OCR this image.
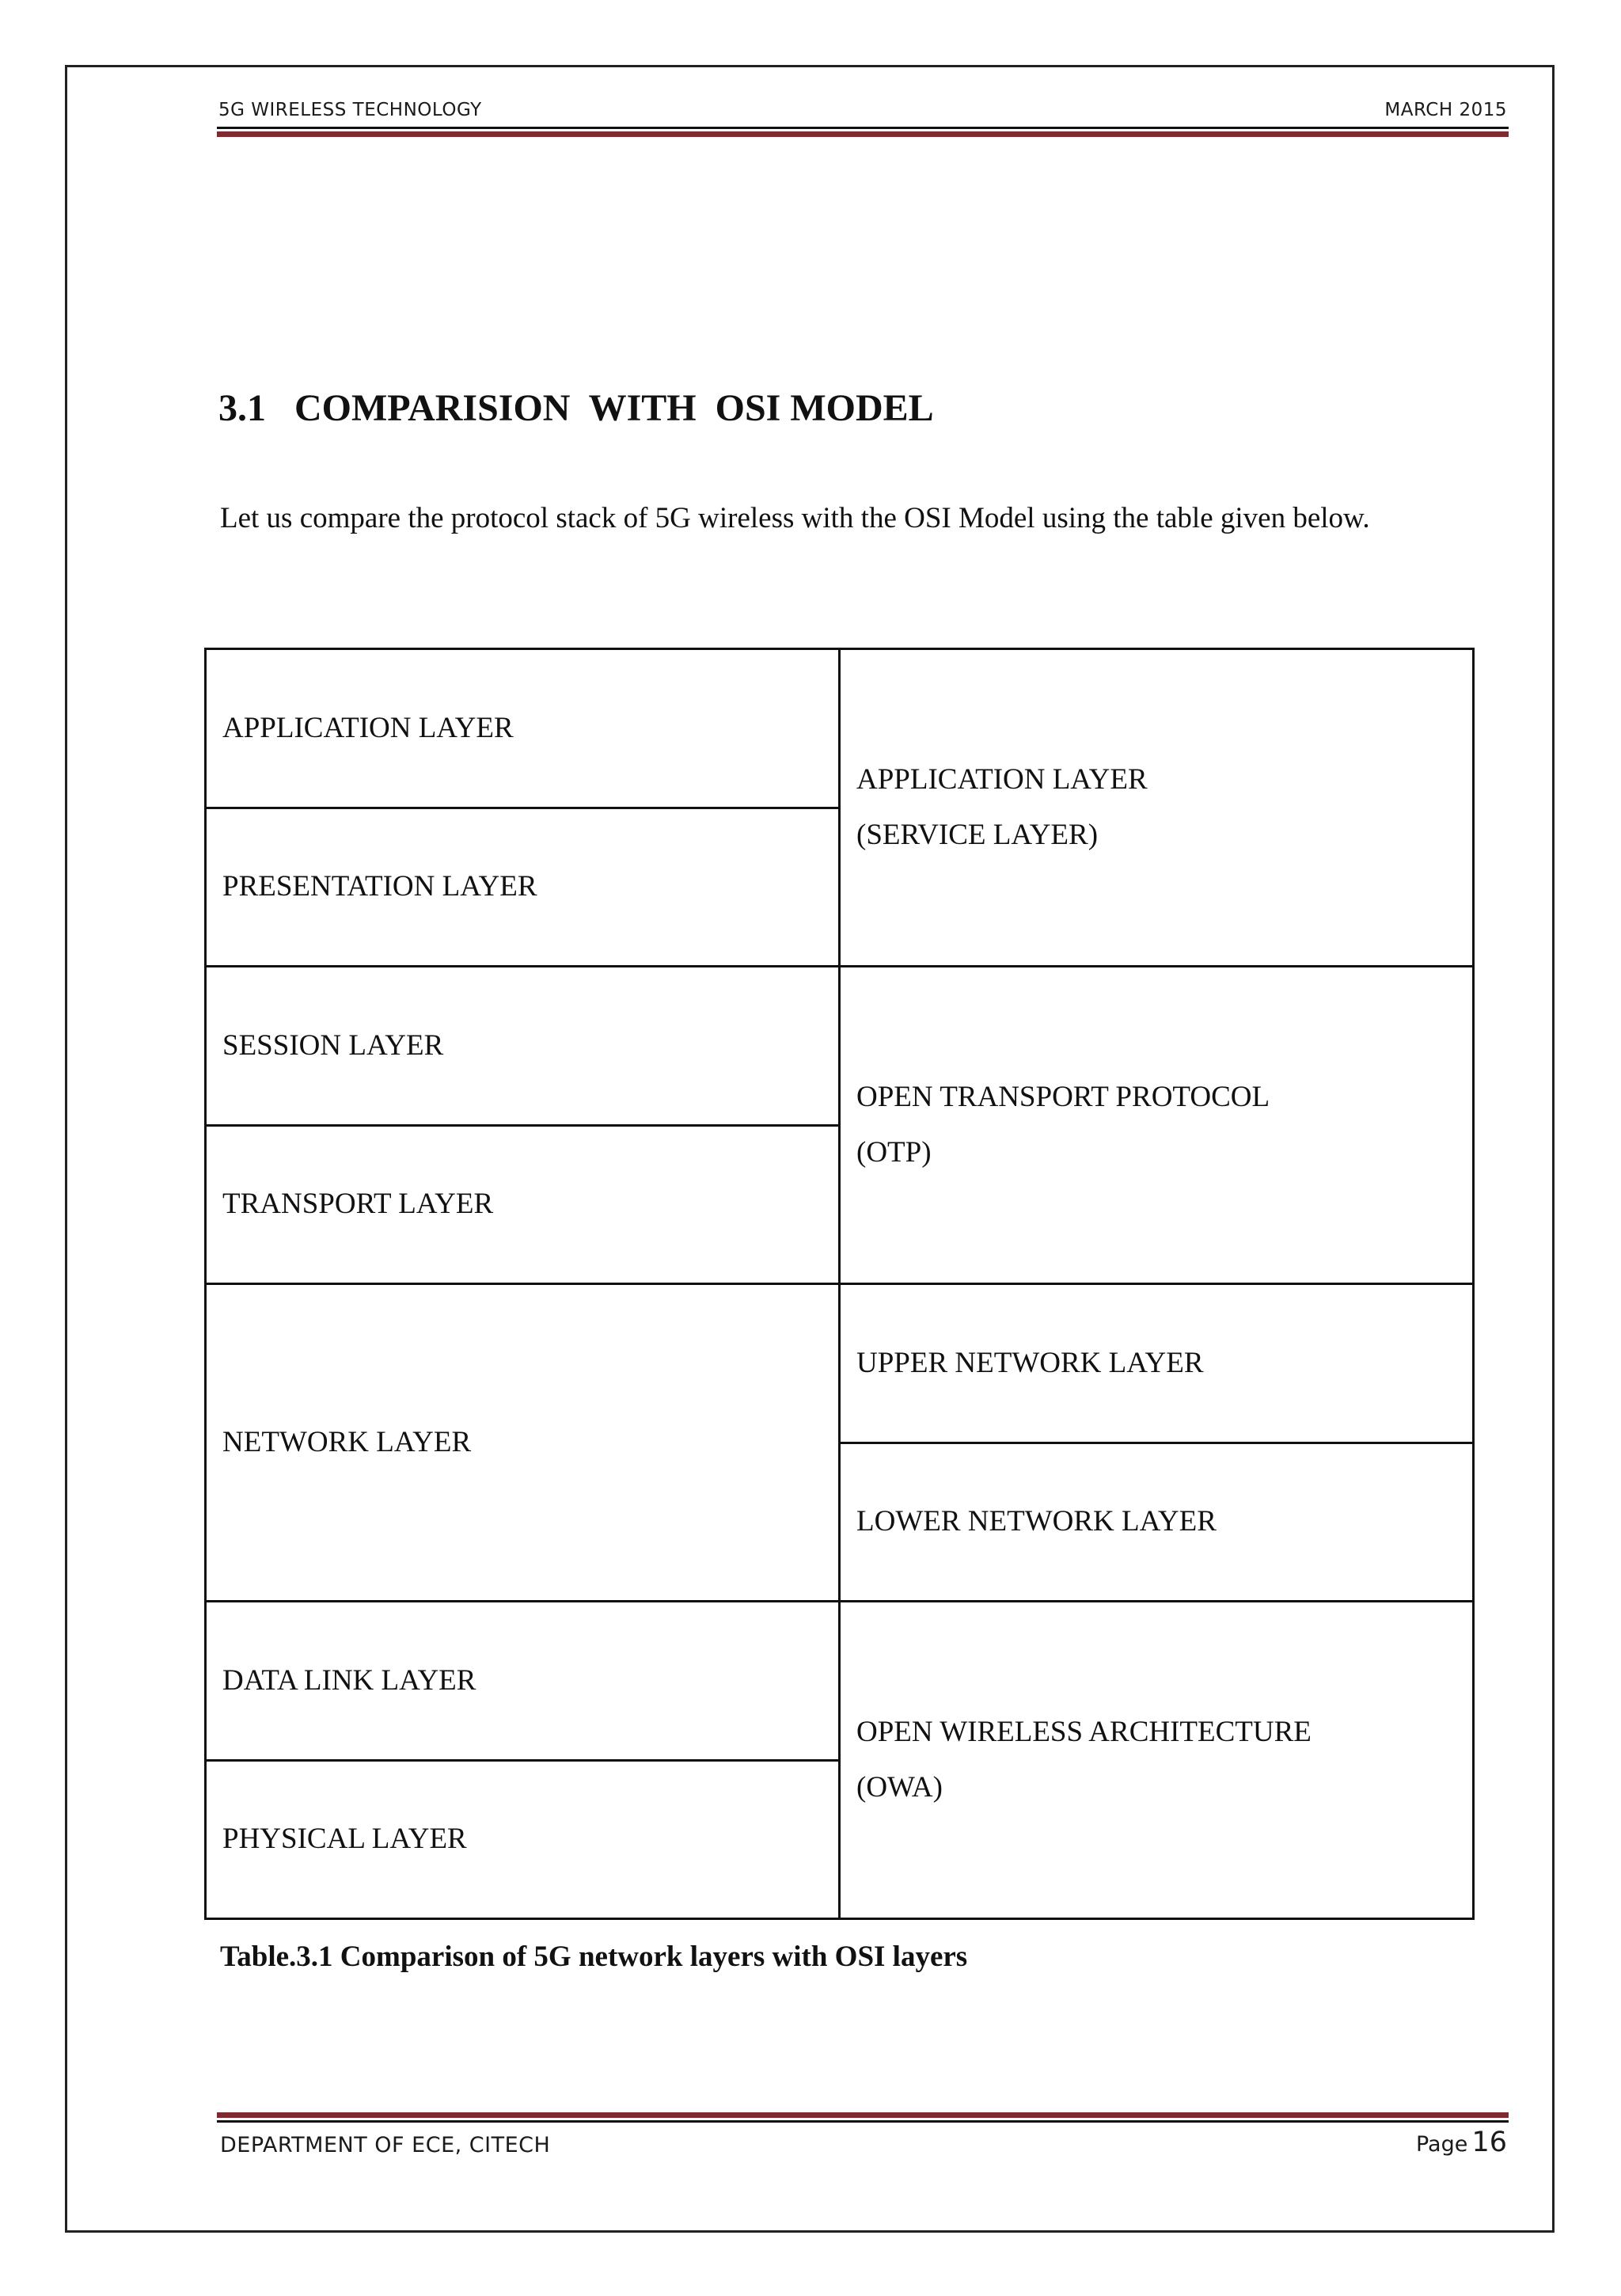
5G WIRELESS TECHNOLOGY	MARCH 2015
3.1   COMPARISION  WITH  OSI MODEL
Let us compare the protocol stack of 5G wireless with the OSI Model using the table given below.
APPLICATION LAYER	APPLICATION LAYER
(SERVICE LAYER)

PRESENTATION LAYER	

SESSION LAYER	OPEN TRANSPORT PROTOCOL
(OTP)

TRANSPORT LAYER	

NETWORK LAYER	UPPER NETWORK LAYER

	LOWER NETWORK LAYER

DATA LINK LAYER	OPEN WIRELESS ARCHITECTURE
(OWA)

PHYSICAL LAYER	
Table.3.1 Comparison of 5G network layers with OSI layers
DEPARTMENT OF ECE, CITECH	Page 16
